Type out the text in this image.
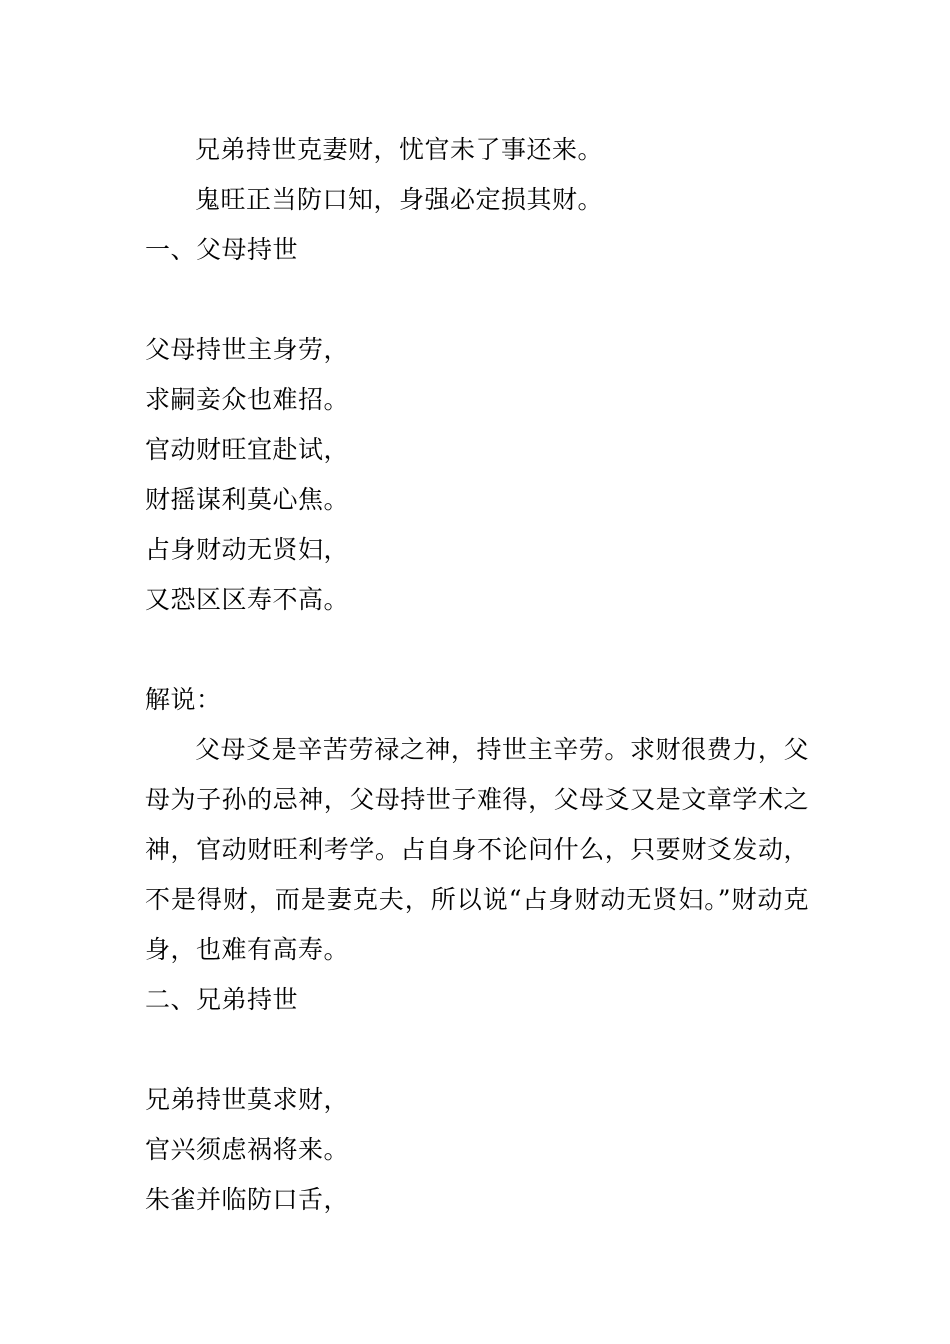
兄弟持世克妻财，忧官未了事还来。
鬼旺正当防口知，身强必定损其财。
一、父母持世
父母持世主身劳，
求嗣妾众也难招。
官动财旺宜赴试，
财摇谋利莫心焦。
占身财动无贤妇，
又恐区区寿不高。
解说：

父母爻是辛苦劳禄之神，持世主辛劳。求财很费力，父母为子孙的忌神，父母持世子难得，父母爻又是文章学术之神，官动财旺利考学。占自身不论问什么，只要财爻发动，不是得财，而是妻克夫，所以说“占身财动无贤妇。”财动克身，也难有高寿。

二、兄弟持世
兄弟持世莫求财，
官兴须虑祸将来。
朱雀并临防口舌，
